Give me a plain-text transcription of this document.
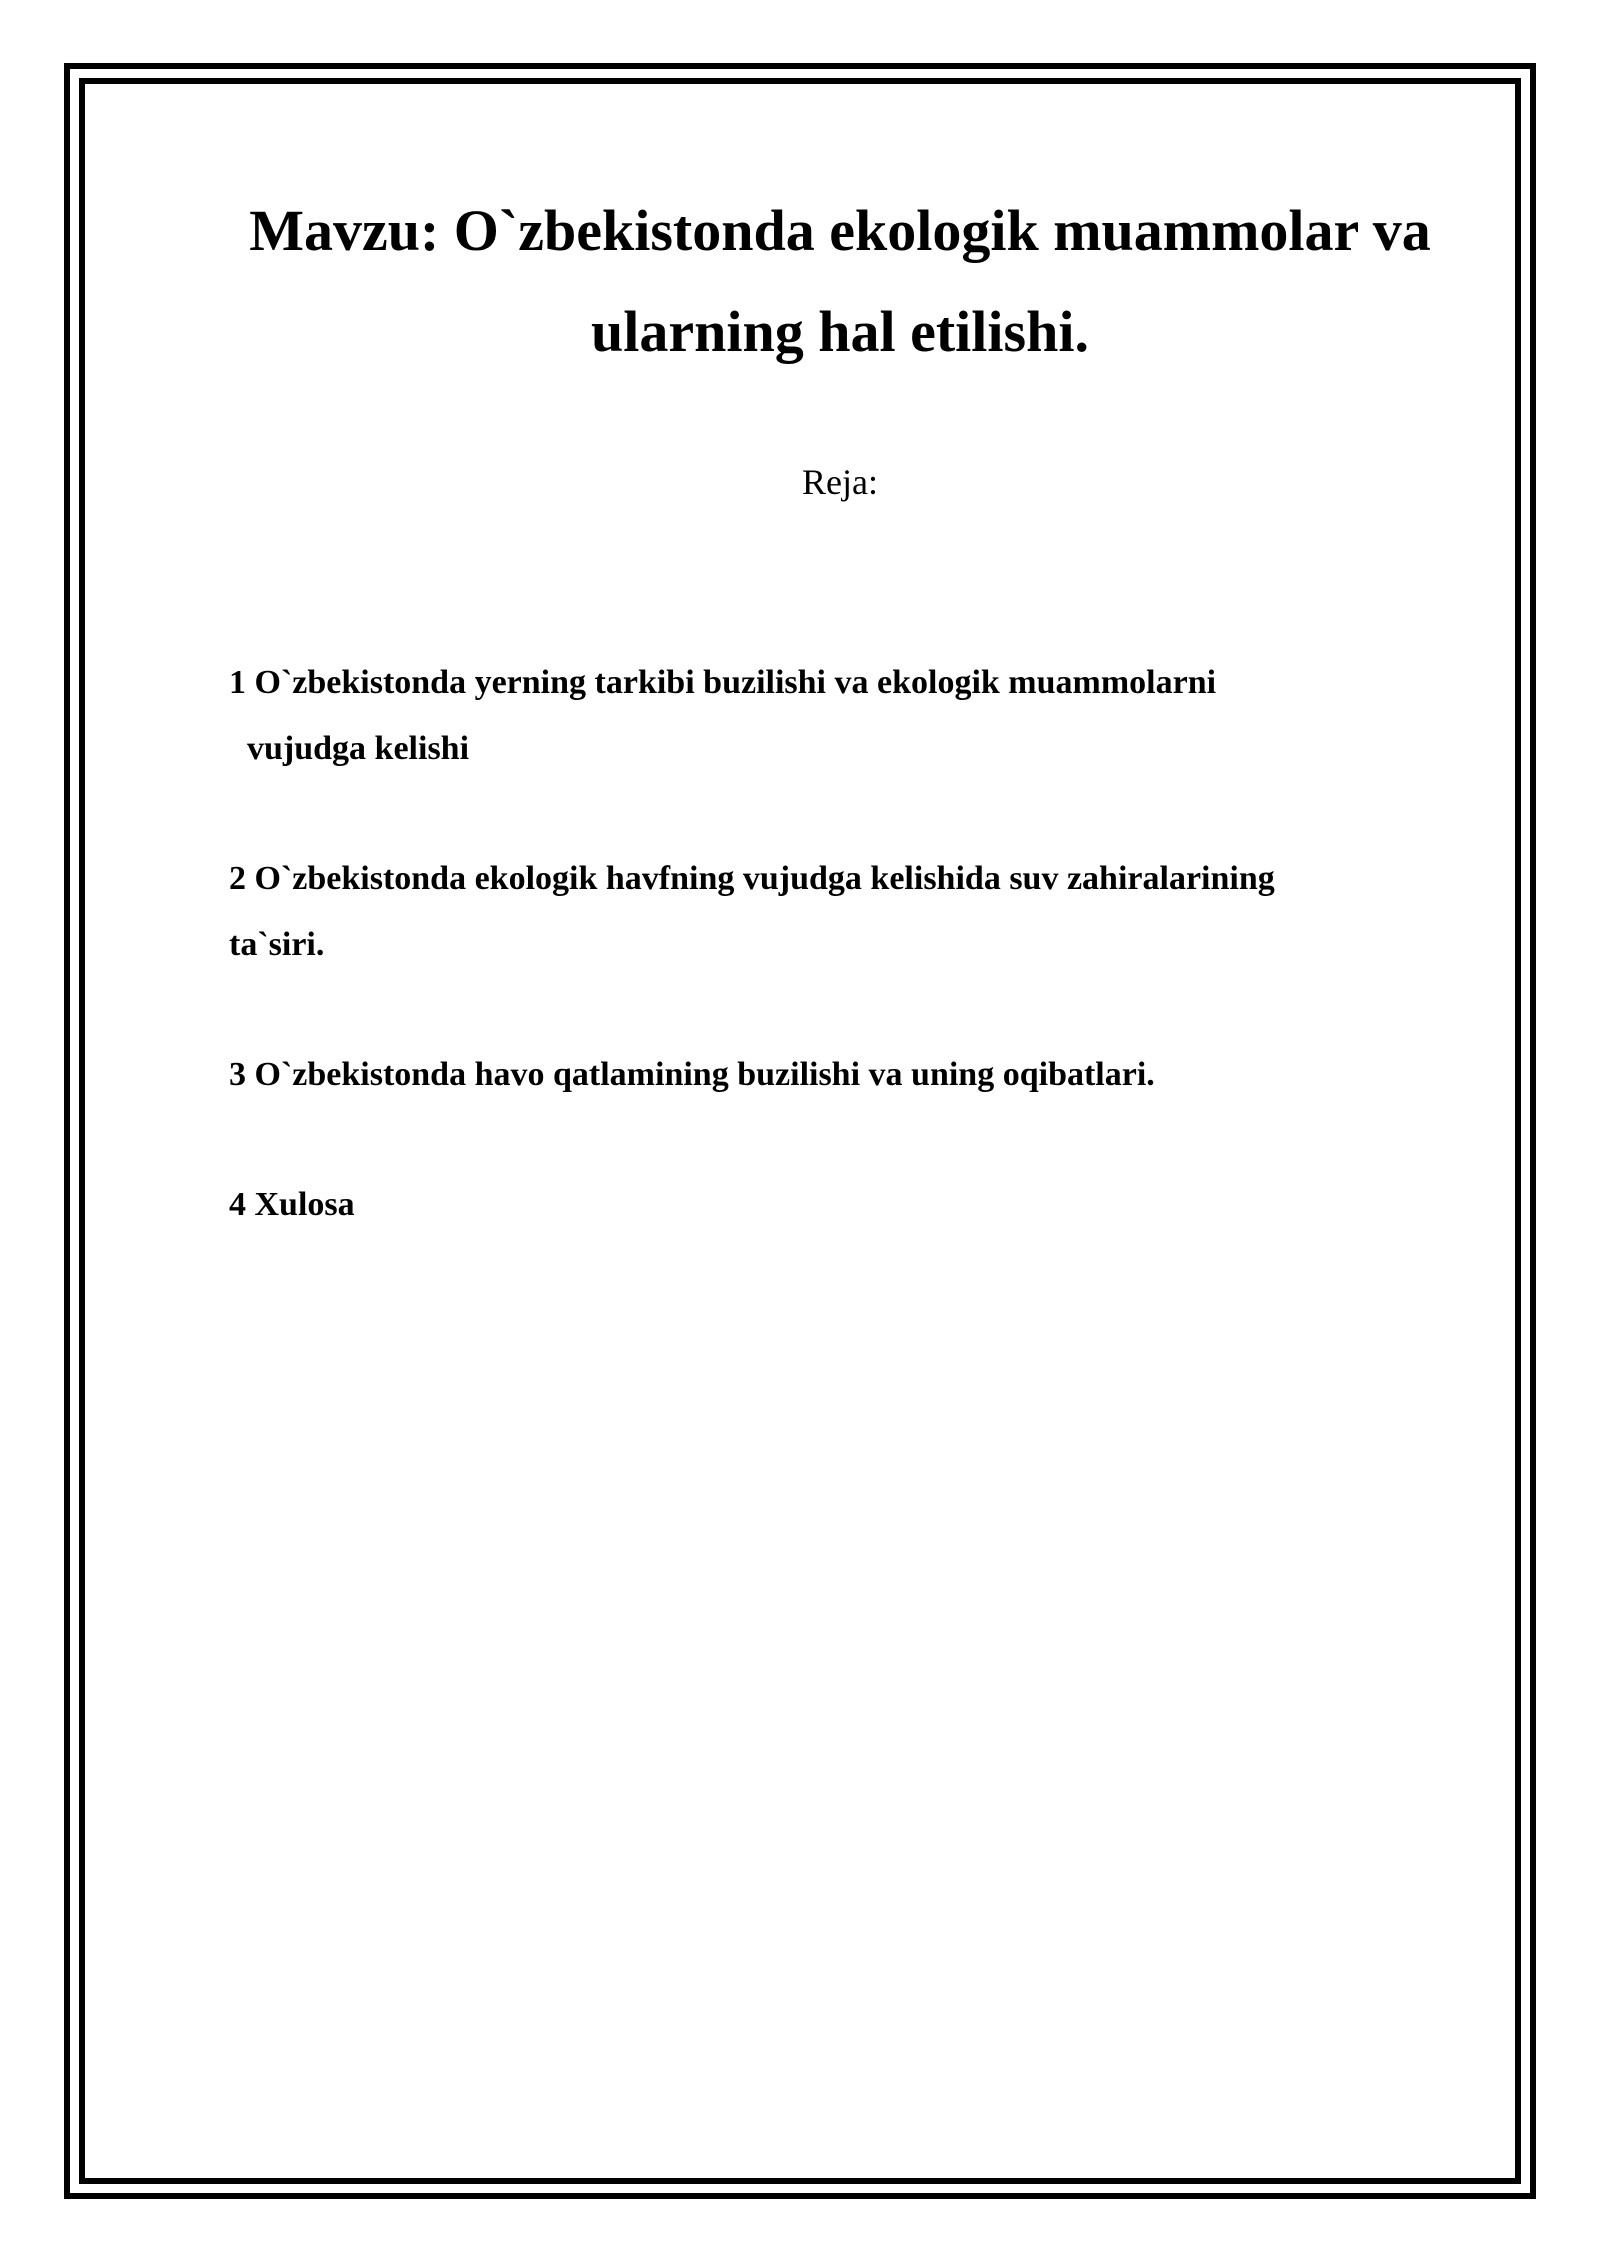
Mavzu: O`zbekistonda ekologik muammolar va
ularning hal etilishi.
Reja:
1 O`zbekistonda yerning tarkibi buzilishi va ekologik muammolarni
vujudga kelishi
2 O`zbekistonda ekologik havfning vujudga kelishida suv zahiralarining
ta`siri.
3 O`zbekistonda havo qatlamining buzilishi va uning oqibatlari.
4 Xulosa
